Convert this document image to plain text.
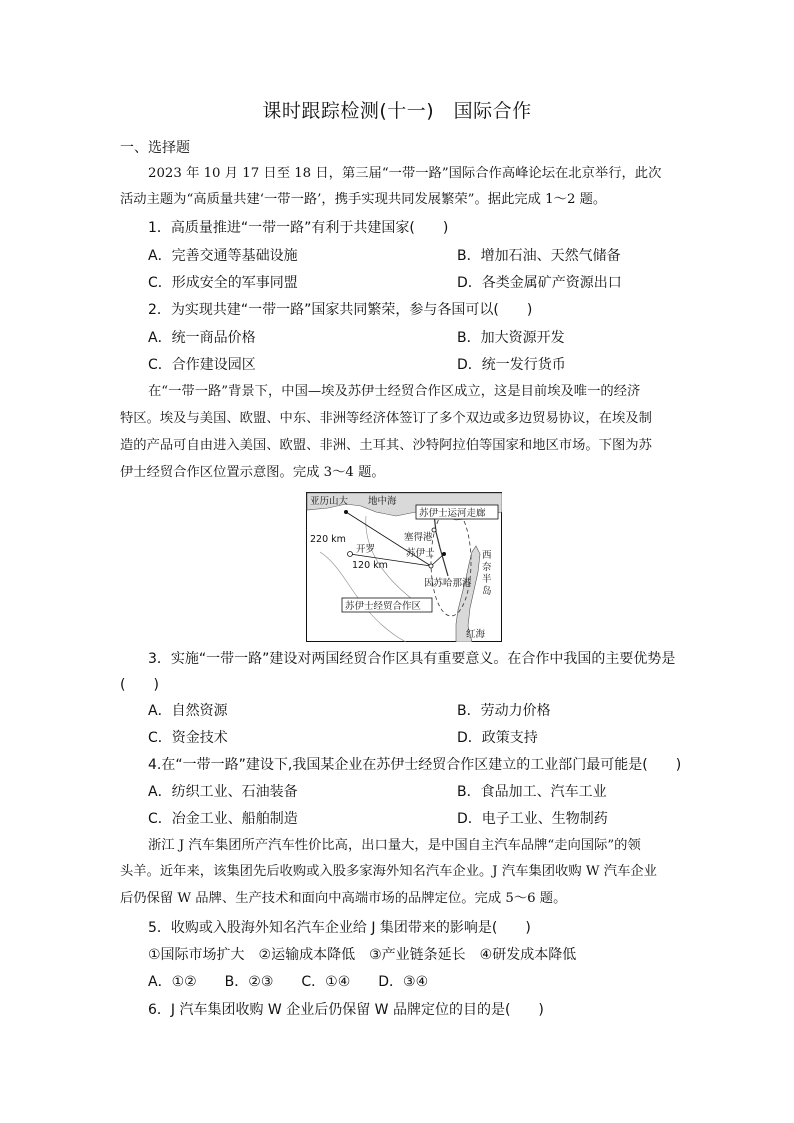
课时跟踪检测(十一)　国际合作
一、选择题
2023 年 10 月 17 日至 18 日，第三届“一带一路”国际合作高峰论坛在北京举行，此次
活动主题为“高质量共建‘一带一路’，携手实现共同发展繁荣”。据此完成 1～2 题。
1．高质量推进“一带一路”有利于共建国家(　　)
A．完善交通等基础设施	B．增加石油、天然气储备
C．形成安全的军事同盟	D．各类金属矿产资源出口
2．为实现共建“一带一路”国家共同繁荣，参与各国可以(　　)
A．统一商品价格	B．加大资源开发
C．合作建设园区	D．统一发行货币
在“一带一路”背景下，中国—埃及苏伊士经贸合作区成立，这是目前埃及唯一的经济
特区。埃及与美国、欧盟、中东、非洲等经济体签订了多个双边或多边贸易协议，在埃及制
造的产品可自由进入美国、欧盟、非洲、土耳其、沙特阿拉伯等国家和地区市场。下图为苏
伊士经贸合作区位置示意图。完成 3～4 题。
亚历山大 地中海
苏伊士运河走廊
塞得港
苏伊士
开罗
220 km
120 km
因苏哈那港
苏伊士经贸合作区
西
奈
半
岛
红海
3．实施“一带一路”建设对两国经贸合作区具有重要意义。在合作中我国的主要优势是
(　　)
A．自然资源	B．劳动力价格
C．资金技术	D．政策支持
4.在“一带一路”建设下,我国某企业在苏伊士经贸合作区建立的工业部门最可能是(　　)
A．纺织工业、石油装备	B．食品加工、汽车工业
C．冶金工业、船舶制造	D．电子工业、生物制药
浙江 J 汽车集团所产汽车性价比高，出口量大，是中国自主汽车品牌“走向国际”的领
头羊。近年来，该集团先后收购或入股多家海外知名汽车企业。J 汽车集团收购 W 汽车企业
后仍保留 W 品牌、生产技术和面向中高端市场的品牌定位。完成 5～6 题。
5．收购或入股海外知名汽车企业给 J 集团带来的影响是(　　)
①国际市场扩大　②运输成本降低　③产业链条延长　④研发成本降低
A．①②　　B．②③　　C．①④　　D．③④
6．J 汽车集团收购 W 企业后仍保留 W 品牌定位的目的是(　　)
